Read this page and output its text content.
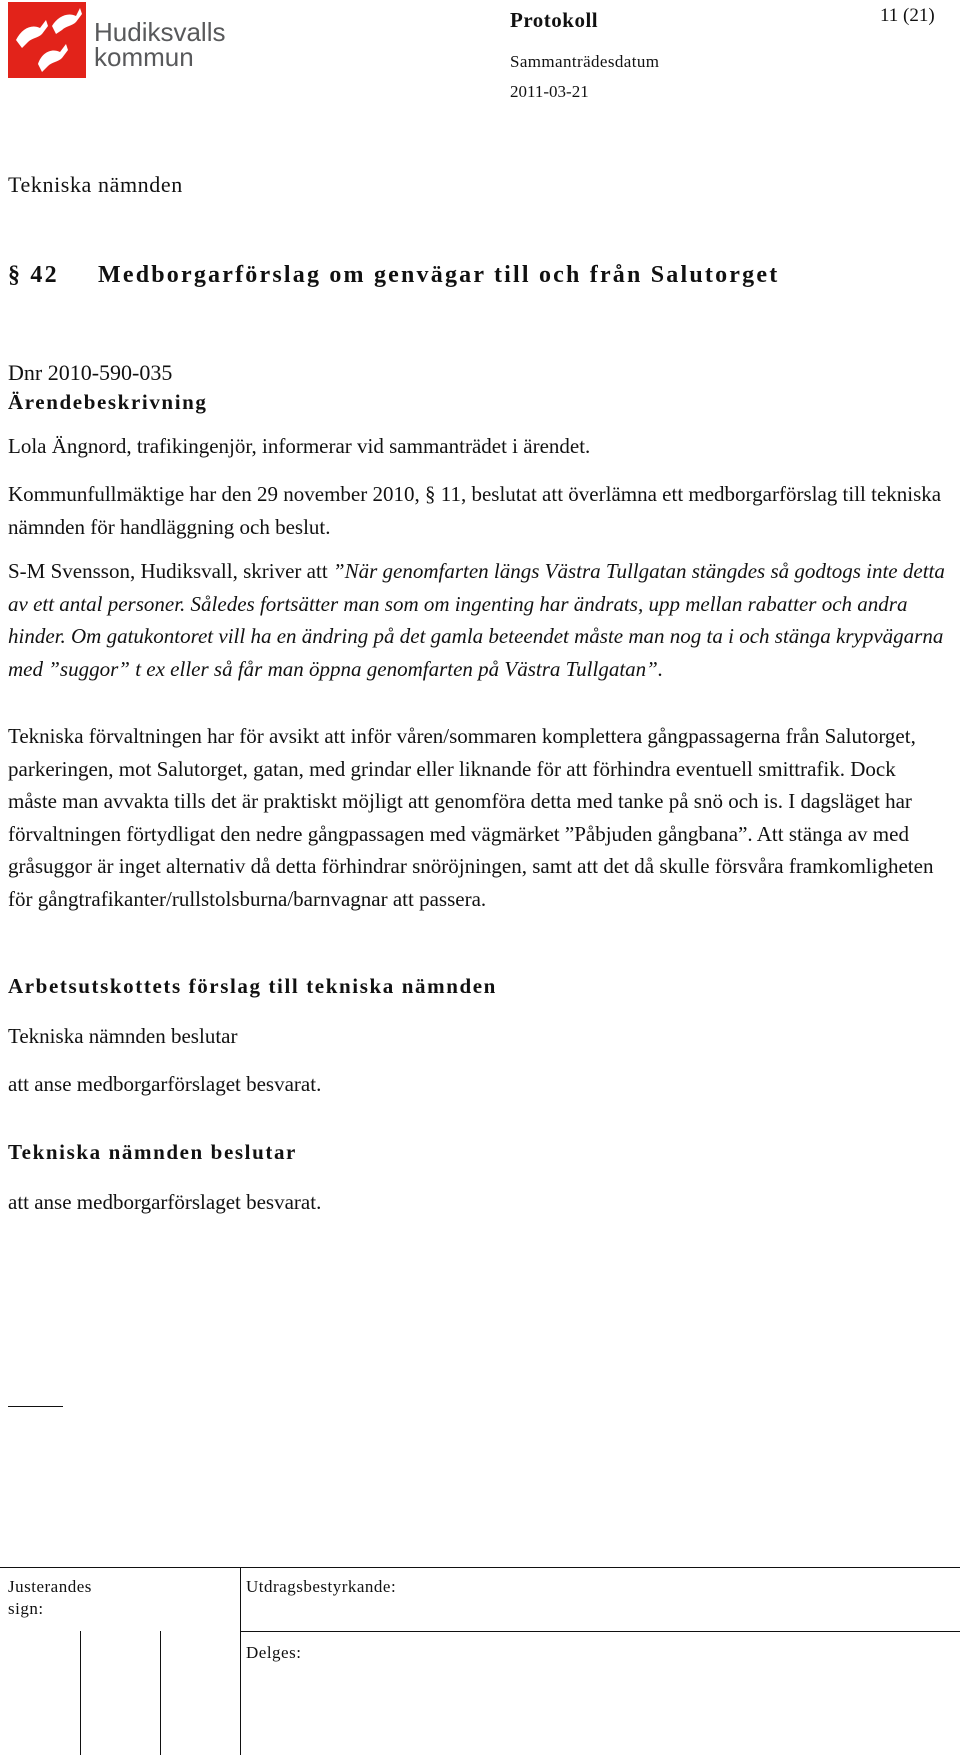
Hudiksvalls
kommun
Protokoll	11 (21)
Sammanträdesdatum
2011-03-21
Tekniska nämnden
§ 42 Medborgarförslag om genvägar till och från Salutorget
Dnr 2010-590-035
Ärendebeskrivning
Lola Ängnord, trafikingenjör, informerar vid sammanträdet i ärendet.
Kommunfullmäktige har den 29 november 2010, § 11, beslutat att överlämna ett medborgarförslag till tekniska nämnden för handläggning och beslut.
S-M Svensson, Hudiksvall, skriver att ”När genomfarten längs Västra Tullgatan stängdes så godtogs inte detta av ett antal personer. Således fortsätter man som om ingenting har ändrats, upp mellan rabatter och andra hinder. Om gatukontoret vill ha en ändring på det gamla beteendet måste man nog ta i och stänga krypvägarna med ”suggor” t ex eller så får man öppna genomfarten på Västra Tullgatan”.
Tekniska förvaltningen har för avsikt att inför våren/sommaren komplettera gångpassagerna från Salutorget, parkeringen, mot Salutorget, gatan, med grindar eller liknande för att förhindra eventuell smittrafik. Dock måste man avvakta tills det är praktiskt möjligt att genomföra detta med tanke på snö och is. I dagsläget har förvaltningen förtydligat den nedre gångpassagen med vägmärket ”Påbjuden gångbana”. Att stänga av med gråsuggor är inget alternativ då detta förhindrar snöröjningen, samt att det då skulle försvåra framkomligheten för gångtrafikanter/rullstolsburna/barnvagnar att passera.
Arbetsutskottets förslag till tekniska nämnden
Tekniska nämnden beslutar
att anse medborgarförslaget besvarat.
Tekniska nämnden beslutar
att anse medborgarförslaget besvarat.
Justerandes
sign:
Utdragsbestyrkande:
Delges:
